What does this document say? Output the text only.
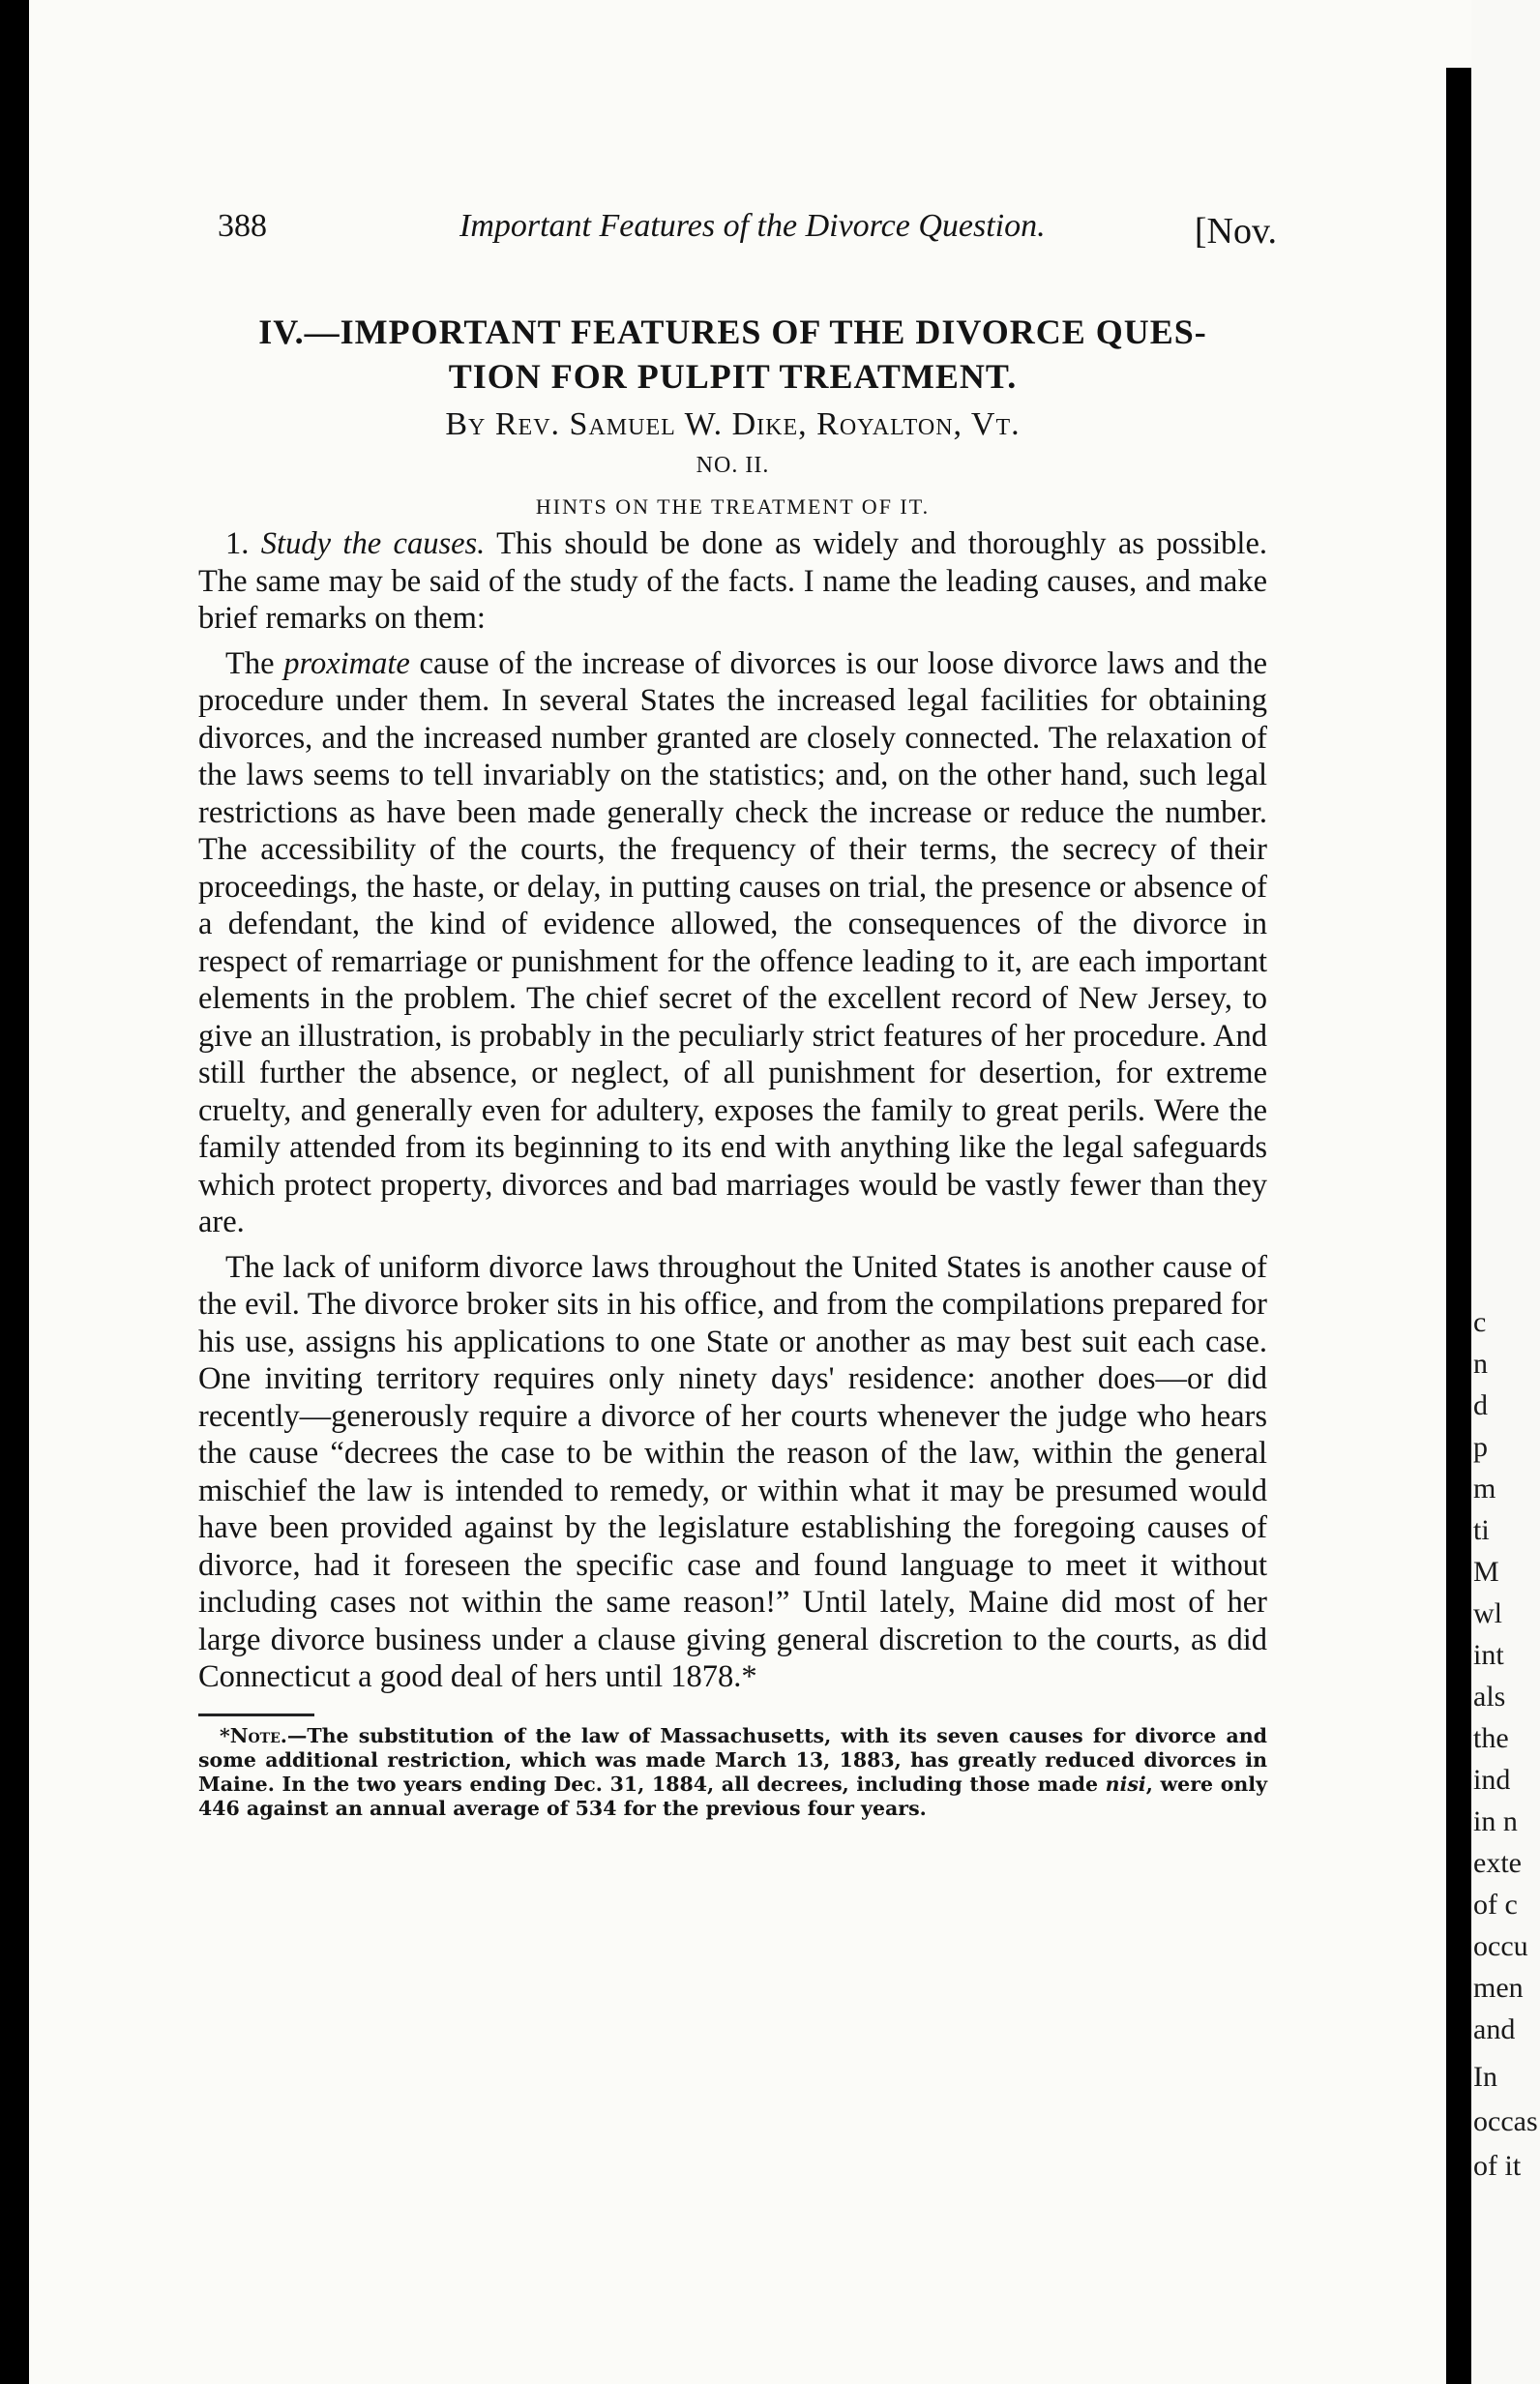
c
n
d
p
m
ti
M
wl
int
als
the
ind
in n
exte
of c
occu
men
and
In
occas
of it
388	Important Features of the Divorce Question.	[Nov.
IV.—IMPORTANT FEATURES OF THE DIVORCE QUES-
TION FOR PULPIT TREATMENT.
By Rev. Samuel W. Dike, Royalton, Vt.
NO. II.
HINTS ON THE TREATMENT OF IT.

1. Study the causes. This should be done as widely and thoroughly as possible. The same may be said of the study of the facts. I name the leading causes, and make brief remarks on them:

The proximate cause of the increase of divorces is our loose divorce laws and the procedure under them. In several States the increased legal facilities for obtaining divorces, and the increased number granted are closely connected. The relaxation of the laws seems to tell invariably on the statistics; and, on the other hand, such legal restrictions as have been made generally check the increase or reduce the number. The accessibility of the courts, the frequency of their terms, the secrecy of their proceedings, the haste, or delay, in putting causes on trial, the presence or absence of a defendant, the kind of evidence allowed, the consequences of the divorce in respect of remarriage or punishment for the offence leading to it, are each important elements in the problem. The chief secret of the excellent record of New Jersey, to give an illustration, is probably in the peculiarly strict features of her procedure. And still further the absence, or neglect, of all punishment for desertion, for extreme cruelty, and generally even for adultery, exposes the family to great perils. Were the family attended from its beginning to its end with anything like the legal safeguards which protect property, divorces and bad marriages would be vastly fewer than they are.

The lack of uniform divorce laws throughout the United States is another cause of the evil. The divorce broker sits in his office, and from the compilations prepared for his use, assigns his applications to one State or another as may best suit each case. One inviting territory requires only ninety days' residence: another does—or did recently—generously require a divorce of her courts whenever the judge who hears the cause “decrees the case to be within the reason of the law, within the general mischief the law is intended to remedy, or within what it may be presumed would have been provided against by the legislature establishing the foregoing causes of divorce, had it foreseen the specific case and found language to meet it without including cases not within the same reason!” Until lately, Maine did most of her large divorce business under a clause giving general discretion to the courts, as did Connecticut a good deal of hers until 1878.*

*Note.—The substitution of the law of Massachusetts, with its seven causes for divorce and some additional restriction, which was made March 13, 1883, has greatly reduced divorces in Maine. In the two years ending Dec. 31, 1884, all decrees, including those made nisi, were only 446 against an annual average of 534 for the previous four years.
